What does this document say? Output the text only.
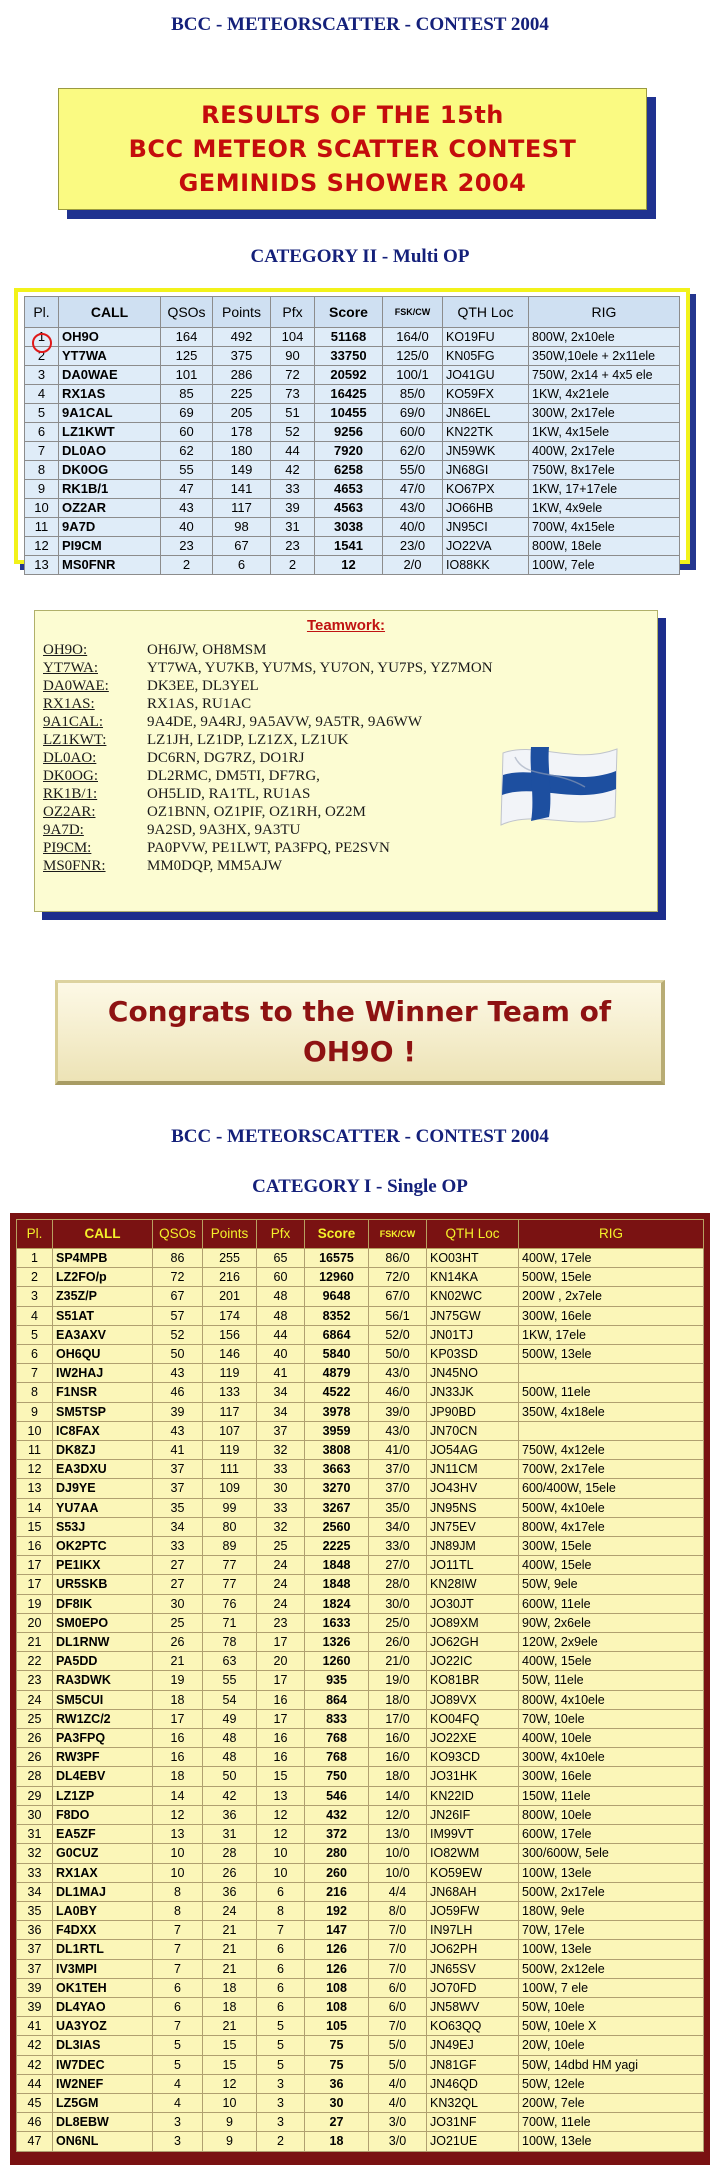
BCC - METEORSCATTER - CONTEST 2004
RESULTS OF THE 15th
BCC METEOR SCATTER CONTEST
GEMINIDS SHOWER 2004
CATEGORY II - Multi OP
Pl.	CALL	QSOs	Points	Pfx	Score	FSK/CW	QTH Loc	RIG
1	OH9O	164	492	104	51168	164/0	KO19FU	800W, 2x10ele
2	YT7WA	125	375	90	33750	125/0	KN05FG	350W,10ele + 2x11ele
3	DA0WAE	101	286	72	20592	100/1	JO41GU	750W, 2x14 + 4x5 ele
4	RX1AS	85	225	73	16425	85/0	KO59FX	1KW, 4x21ele
5	9A1CAL	69	205	51	10455	69/0	JN86EL	300W, 2x17ele
6	LZ1KWT	60	178	52	9256	60/0	KN22TK	1KW, 4x15ele
7	DL0AO	62	180	44	7920	62/0	JN59WK	400W, 2x17ele
8	DK0OG	55	149	42	6258	55/0	JN68GI	750W, 8x17ele
9	RK1B/1	47	141	33	4653	47/0	KO67PX	1KW, 17+17ele
10	OZ2AR	43	117	39	4563	43/0	JO66HB	1KW, 4x9ele
11	9A7D	40	98	31	3038	40/0	JN95CI	700W, 4x15ele
12	PI9CM	23	67	23	1541	23/0	JO22VA	800W, 18ele
13	MS0FNR	2	6	2	12	2/0	IO88KK	100W, 7ele
Teamwork:
OH9O:	OH6JW, OH8MSM
YT7WA:	YT7WA, YU7KB, YU7MS, YU7ON, YU7PS, YZ7MON
DA0WAE:	DK3EE, DL3YEL
RX1AS:	RX1AS, RU1AC
9A1CAL:	9A4DE, 9A4RJ, 9A5AVW, 9A5TR, 9A6WW
LZ1KWT:	LZ1JH, LZ1DP, LZ1ZX, LZ1UK
DL0AO:	DC6RN, DG7RZ, DO1RJ
DK0OG:	DL2RMC, DM5TI, DF7RG,
RK1B/1:	OH5LID, RA1TL, RU1AS
OZ2AR:	OZ1BNN, OZ1PIF, OZ1RH, OZ2M
9A7D:	9A2SD, 9A3HX, 9A3TU
PI9CM:	PA0PVW, PE1LWT, PA3FPQ, PE2SVN
MS0FNR:	MM0DQP, MM5AJW
Congrats to the Winner Team of
OH9O !
BCC - METEORSCATTER - CONTEST 2004
CATEGORY I - Single OP
Pl.	CALL	QSOs	Points	Pfx	Score	FSK/CW	QTH Loc	RIG
1	SP4MPB	86	255	65	16575	86/0	KO03HT	400W, 17ele
2	LZ2FO/p	72	216	60	12960	72/0	KN14KA	500W, 15ele
3	Z35Z/P	67	201	48	9648	67/0	KN02WC	200W , 2x7ele
4	S51AT	57	174	48	8352	56/1	JN75GW	300W, 16ele
5	EA3AXV	52	156	44	6864	52/0	JN01TJ	1KW, 17ele
6	OH6QU	50	146	40	5840	50/0	KP03SD	500W, 13ele
7	IW2HAJ	43	119	41	4879	43/0	JN45NO	
8	F1NSR	46	133	34	4522	46/0	JN33JK	500W, 11ele
9	SM5TSP	39	117	34	3978	39/0	JP90BD	350W, 4x18ele
10	IC8FAX	43	107	37	3959	43/0	JN70CN	
11	DK8ZJ	41	119	32	3808	41/0	JO54AG	750W, 4x12ele
12	EA3DXU	37	111	33	3663	37/0	JN11CM	700W, 2x17ele
13	DJ9YE	37	109	30	3270	37/0	JO43HV	600/400W, 15ele
14	YU7AA	35	99	33	3267	35/0	JN95NS	500W, 4x10ele
15	S53J	34	80	32	2560	34/0	JN75EV	800W, 4x17ele
16	OK2PTC	33	89	25	2225	33/0	JN89JM	300W, 15ele
17	PE1IKX	27	77	24	1848	27/0	JO11TL	400W, 15ele
17	UR5SKB	27	77	24	1848	28/0	KN28IW	50W, 9ele
19	DF8IK	30	76	24	1824	30/0	JO30JT	600W, 11ele
20	SM0EPO	25	71	23	1633	25/0	JO89XM	90W, 2x6ele
21	DL1RNW	26	78	17	1326	26/0	JO62GH	120W, 2x9ele
22	PA5DD	21	63	20	1260	21/0	JO22IC	400W, 15ele
23	RA3DWK	19	55	17	935	19/0	KO81BR	50W, 11ele
24	SM5CUI	18	54	16	864	18/0	JO89VX	800W, 4x10ele
25	RW1ZC/2	17	49	17	833	17/0	KO04FQ	70W, 10ele
26	PA3FPQ	16	48	16	768	16/0	JO22XE	400W, 10ele
26	RW3PF	16	48	16	768	16/0	KO93CD	300W, 4x10ele
28	DL4EBV	18	50	15	750	18/0	JO31HK	300W, 16ele
29	LZ1ZP	14	42	13	546	14/0	KN22ID	150W, 11ele
30	F8DO	12	36	12	432	12/0	JN26IF	800W, 10ele
31	EA5ZF	13	31	12	372	13/0	IM99VT	600W, 17ele
32	G0CUZ	10	28	10	280	10/0	IO82WM	300/600W, 5ele
33	RX1AX	10	26	10	260	10/0	KO59EW	100W, 13ele
34	DL1MAJ	8	36	6	216	4/4	JN68AH	500W, 2x17ele
35	LA0BY	8	24	8	192	8/0	JO59FW	180W, 9ele
36	F4DXX	7	21	7	147	7/0	IN97LH	70W, 17ele
37	DL1RTL	7	21	6	126	7/0	JO62PH	100W, 13ele
37	IV3MPI	7	21	6	126	7/0	JN65SV	500W, 2x12ele
39	OK1TEH	6	18	6	108	6/0	JO70FD	100W, 7 ele
39	DL4YAO	6	18	6	108	6/0	JN58WV	50W, 10ele
41	UA3YOZ	7	21	5	105	7/0	KO63QQ	50W, 10ele X
42	DL3IAS	5	15	5	75	5/0	JN49EJ	20W, 10ele
42	IW7DEC	5	15	5	75	5/0	JN81GF	50W, 14dbd HM yagi
44	IW2NEF	4	12	3	36	4/0	JN46QD	50W, 12ele
45	LZ5GM	4	10	3	30	4/0	KN32QL	200W, 7ele
46	DL8EBW	3	9	3	27	3/0	JO31NF	700W, 11ele
47	ON6NL	3	9	2	18	3/0	JO21UE	100W, 13ele
